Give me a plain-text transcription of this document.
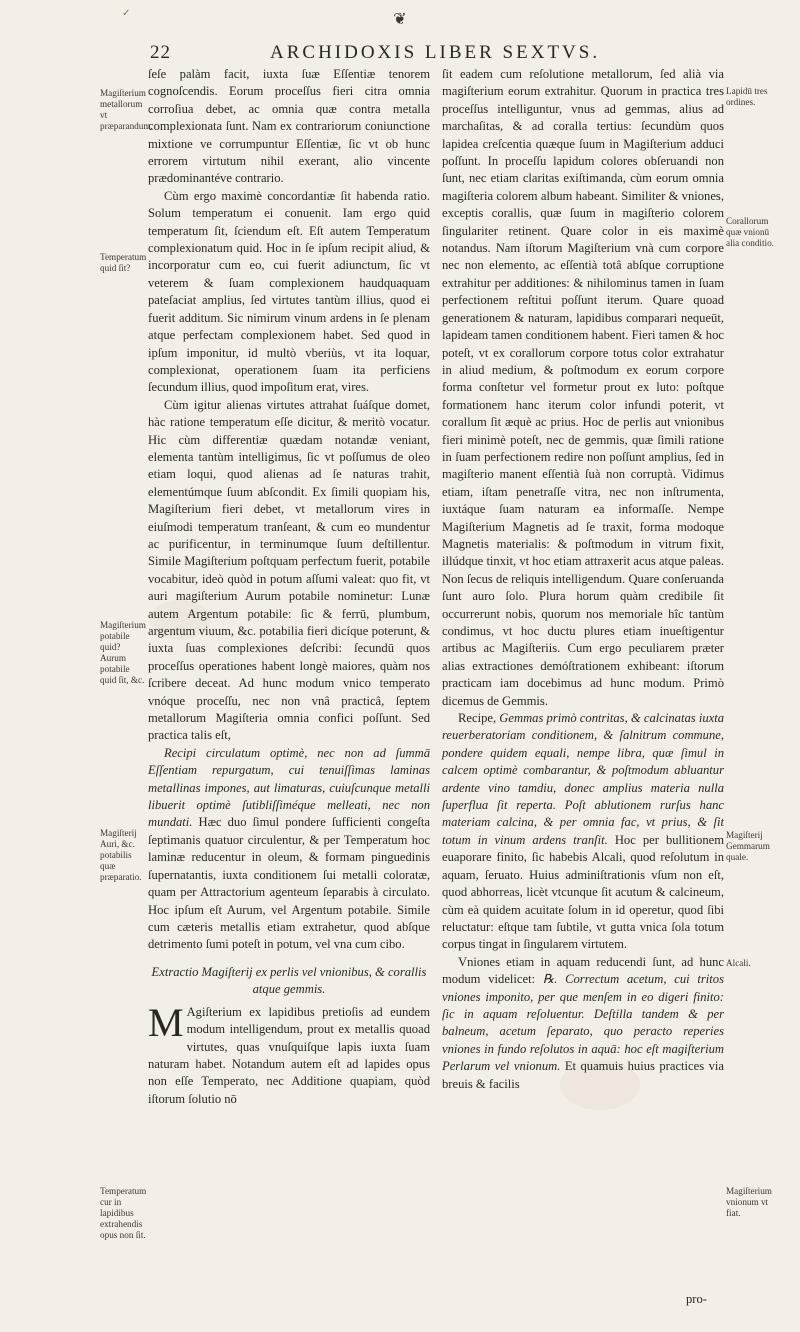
✓	❦
22	ARCHIDOXIS LIBER SEXTVS.
Magiſterium metallorum vt præparandum.
Temperatum quid ſit?
Magiſterium potabile quid? Aurum potabile quid ſit, &c.
Magiſterij Auri, &c. potabilis quæ præparatio.
Temperatum cur in lapidibus extrahendis opus non ſit.
Lapidū tres ordines.
Corallorum quæ vnionū alia conditio.
Magiſterij Gemmarum quale.
Alcali.
Magiſterium vnionum vt fiat.

ſeſe palàm facit, iuxta ſuæ Eſſentiæ tenorem cognoſcendis. Eorum proceſſus fieri citra omnia corroſiua debet, ac omnia quæ contra metalla complexionata ſunt. Nam ex contrariorum coniunctione mixtione ve corrumpuntur Eſſentiæ, ſic vt ob hunc errorem virtutum nihil exerant, alio vincente prædominantéve contrario.

Cùm ergo maximè concordantiæ ſit habenda ratio. Solum temperatum ei conuenit. Iam ergo quid temperatum ſit, ſciendum eſt. Eſt autem Temperatum complexionatum quid. Hoc in ſe ipſum recipit aliud, & incorporatur cum eo, cui fuerit adiunctum, ſic vt veterem & ſuam complexionem haudquaquam pateſaciat amplius, ſed virtutes tantùm illius, quod ei fuerit additum. Sic nimirum vinum ardens in ſe plenam atque perfectam complexionem habet. Sed quod in ipſum imponitur, id multò vberiùs, vt ita loquar, complexionat, operationem ſuam ita perficiens ſecundum illius, quod impoſitum erat, vires.

Cùm igitur alienas virtutes attrahat ſuáſque domet, hàc ratione temperatum eſſe dicitur, & meritò vocatur. Hic cùm differentiæ quædam notandæ veniant, elementa tantùm intelligimus, ſic vt poſſumus de oleo etiam loqui, quod alienas ad ſe naturas trahit, elementúmque ſuum abſcondit. Ex ſimili quopiam his, Magiſterium fieri debet, vt metallorum vires in eiuſmodi temperatum tranſeant, & cum eo mundentur ac purificentur, in terminumque ſuum deſtillentur. Simile Magiſterium poſtquam perfectum fuerit, potabile vocabitur, ideò quòd in potum aſſumi valeat: quo fit, vt auri magiſterium Aurum potabile nominetur: Lunæ autem Argentum potabile: ſic & ferrū, plumbum, argentum viuum, &c. potabilia fieri dicíque poterunt, & iuxta ſuas complexiones deſcribi: ſecundū quos proceſſus operationes habent longè maiores, quàm nos ſcribere deceat. Ad hunc modum vnico temperato vnóque proceſſu, nec non vnâ practicâ, ſeptem metallorum Magiſteria omnia confici poſſunt. Sed practica talis eſt,

Recipi circulatum optimè, nec non ad ſummā Eſſentiam repurgatum, cui tenuiſſimas laminas metallinas impones, aut limaturas, cuiuſcunque metalli libuerit optimè ſutibliſſiméque melleati, nec non mundati. Hæc duo ſimul pondere ſufficienti congeſta ſeptimanis quatuor circulentur, & per Temperatum hoc laminæ reducentur in oleum, & formam pinguedinis ſupernatantis, iuxta conditionem ſui metalli coloratæ, quam per Attractorium agenteum ſeparabis à circulato. Hoc ipſum eſt Aurum, vel Argentum potabile. Simile cum cæteris metallis etiam extrahetur, quod abſque detrimento ſumi poteſt in potum, vel vna cum cibo.

Extractio Magiſterij ex perlis vel vnionibus, & corallis atque gemmis.

M Agiſterium ex lapidibus pretioſis ad eundem modum intelligendum, prout ex metallis quoad virtutes, quas vnuſquiſque lapis iuxta ſuam naturam habet. Notandum autem eſt ad lapides opus non eſſe Temperato, nec Additione quapiam, quòd iſtorum ſolutio nō

ſit eadem cum reſolutione metallorum, ſed alià via magiſterium eorum extrahitur. Quorum in practica tres proceſſus intelliguntur, vnus ad gemmas, alius ad marchaſitas, & ad coralla tertius: ſecundùm quos lapidea creſcentia quæque ſuum in Magiſterium adduci poſſunt. In proceſſu lapidum colores obſeruandi non ſunt, nec etiam claritas exiſtimanda, cùm eorum omnia magiſteria colorem album habeant. Similiter & vniones, exceptis corallis, quæ ſuum in magiſterio colorem ſingulariter retinent. Quare color in eis maximè notandus. Nam iſtorum Magiſterium vnà cum corpore nec non elemento, ac eſſentià totâ abſque corruptione extrahitur per additiones: & nihilominus tamen in ſuam perfectionem reſtitui poſſunt iterum. Quare quoad generationem & naturam, lapidibus comparari nequeūt, lapideam tamen conditionem habent. Fieri tamen & hoc poteſt, vt ex corallorum corpore totus color extrahatur in aliud medium, & poſtmodum ex eorum corpore forma conſtetur vel formetur prout ex luto: poſtque formationem hanc iterum color infundi poterit, vt corallum ſit æquè ac prius. Hoc de perlis aut vnionibus fieri minimè poteſt, nec de gemmis, quæ ſimili ratione in ſuam perfectionem redire non poſſunt amplius, ſed in magiſterio manent eſſentià ſuà non corruptà. Vidimus etiam, iſtam penetraſſe vitra, nec non inſtrumenta, iuxtáque ſuam naturam ea informaſſe. Nempe Magiſterium Magnetis ad ſe traxit, forma modoque Magnetis materialis: & poſtmodum in vitrum fixit, illúdque tinxit, vt hoc etiam attraxerit acus atque paleas. Non ſecus de reliquis intelligendum. Quare conſeruanda ſunt auro ſolo. Plura horum quàm credibile ſit occurrerunt nobis, quorum nos memoriale hîc tantùm condimus, vt hoc ductu plures etiam inueſtigentur artibus ac Magiſteriis. Cum ergo peculiarem præter alias extractiones demóſtrationem exhibeant: iſtorum practicam iam docebimus ad hunc modum. Primò dicemus de Gemmis.

Recipe, Gemmas primò contritas, & calcinatas iuxta reuerberatoriam conditionem, & ſalnitrum commune, pondere quidem equali, nempe libra, quæ ſimul in calcem optimè combarantur, & poſtmodum abluantur ardente vino tamdiu, donec amplius materia nulla ſuperflua ſit reperta. Poſt ablutionem rurſus hanc materiam calcina, & per omnia fac, vt prius, & ſit totum in vinum ardens tranſit. Hoc per bullitionem euaporare finito, ſic habebis Alcali, quod reſolutum in aquam, ſeruato. Huius adminiſtrationis vſum non eſt, quod abhorreas, licèt vtcunque ſit acutum & calcineum, cùm eà quidem acuitate ſolum in id operetur, quod ſibi reluctatur: eſtque tam ſubtile, vt gutta vnica ſola totum corpus tingat in ſingularem virtutem.

Vniones etiam in aquam reducendi ſunt, ad hunc modum videlicet: ℞. Correctum acetum, cui tritos vniones imponito, per que menſem in eo digeri finito: ſic in aquam reſoluentur. Deſtilla tandem & per balneum, acetum ſeparato, quo peracto reperies vniones in fundo reſolutos in aquā: hoc eſt magiſterium Perlarum vel vnionum. Et quamuis huius practices via breuis & facilis

pro-
